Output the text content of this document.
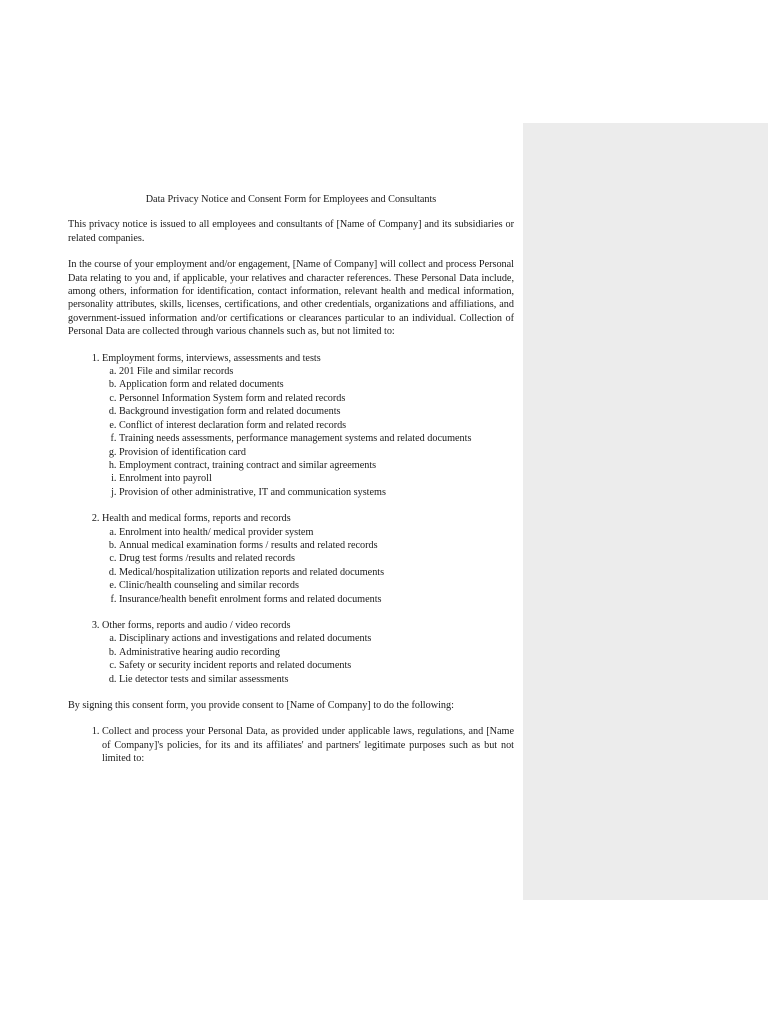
Data Privacy Notice and Consent Form for Employees and Consultants

This privacy notice is issued to all employees and consultants of [Name of Company] and its subsidiaries or related companies.

In the course of your employment and/or engagement, [Name of Company] will collect and process Personal Data relating to you and, if applicable, your relatives and character references. These Personal Data include, among others, information for identification, contact information, relevant health and medical information, personality attributes, skills, licenses, certifications, and other credentials, organizations and affiliations, and government-issued information and/or certifications or clearances particular to an individual. Collection of Personal Data are collected through various channels such as, but not limited to:

1. Employment forms, interviews, assessments and tests
a. 201 File and similar records
b. Application form and related documents
c. Personnel Information System form and related records
d. Background investigation form and related documents
e. Conflict of interest declaration form and related records
f. Training needs assessments, performance management systems and related documents
g. Provision of identification card
h. Employment contract, training contract and similar agreements
i. Enrolment into payroll
j. Provision of other administrative, IT and communication systems
2. Health and medical forms, reports and records
a. Enrolment into health/ medical provider system
b. Annual medical examination forms / results and related records
c. Drug test forms /results and related records
d. Medical/hospitalization utilization reports and related documents
e. Clinic/health counseling and similar records
f. Insurance/health benefit enrolment forms and related documents
3. Other forms, reports and audio / video records
a. Disciplinary actions and investigations and related documents
b. Administrative hearing audio recording
c. Safety or security incident reports and related documents
d. Lie detector tests and similar assessments

By signing this consent form, you provide consent to [Name of Company] to do the following:

1. Collect and process your Personal Data, as provided under applicable laws, regulations, and [Name of Company]'s policies, for its and its affiliates' and partners' legitimate purposes such as but not limited to:
